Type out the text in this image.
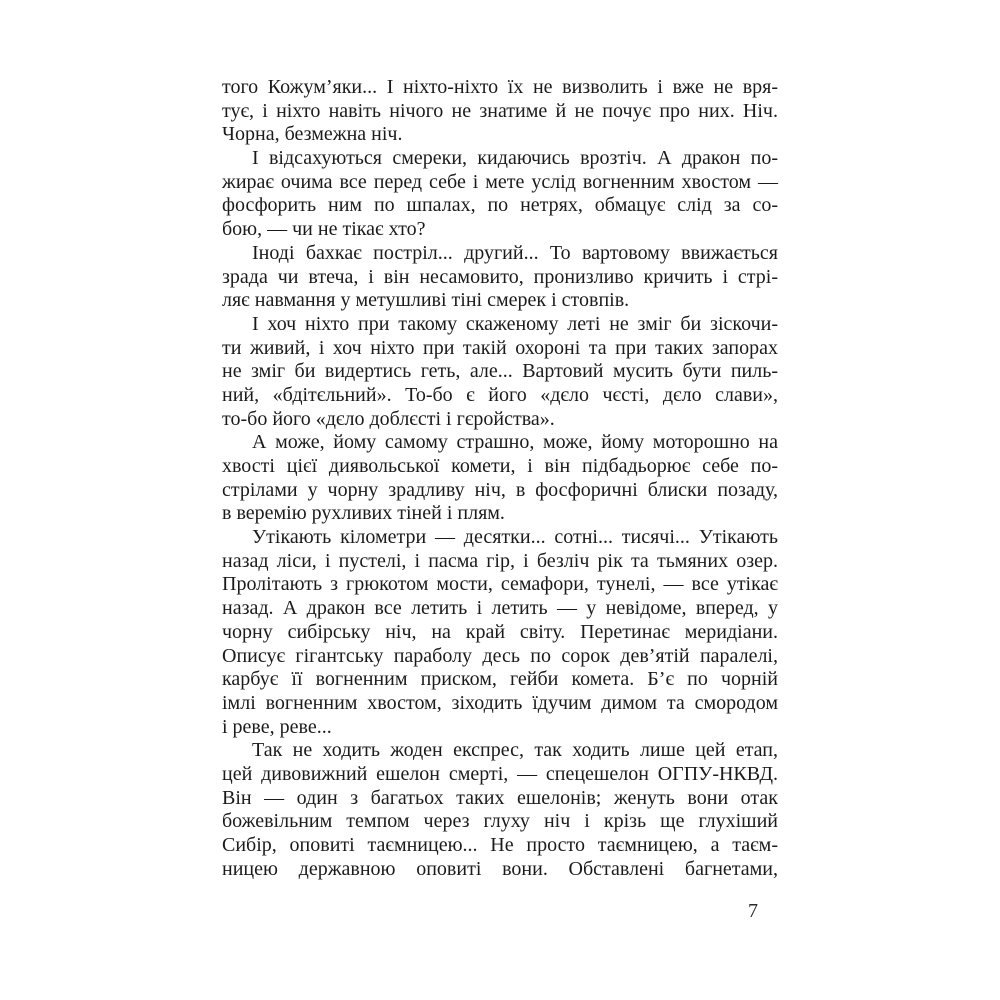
того Кожум’яки... І ніхто-ніхто їх не визволить і вже не вря-
тує, і ніхто навіть нічого не знатиме й не почує про них. Ніч.
Чорна, безмежна ніч.
І відсахуються смереки, кидаючись врозтіч. А дракон по-
жирає очима все перед себе і мете услід вогненним хвостом —
фосфорить ним по шпалах, по нетрях, обмацує слід за со-
бою, — чи не тікає хто?
Іноді бахкає постріл... другий... То вартовому ввижається
зрада чи втеча, і він несамовито, пронизливо кричить і стрі-
ляє навмання у метушливі тіні смерек і стовпів.
І хоч ніхто при такому скаженому леті не зміг би зіскочи-
ти живий, і хоч ніхто при такій охороні та при таких запорах
не зміг би видертись геть, але... Вартовий мусить бути пиль-
ний, «бдітєльний». То-бо є його «дєло чєсті, дєло слави»,
то-бо його «дєло доблєсті і гєройства».
А може, йому самому страшно, може, йому моторошно на
хвості цієї диявольської комети, і він підбадьорює себе по-
стрілами у чорну зрадливу ніч, в фосфоричні блиски позаду,
в веремію рухливих тіней і плям.
Утікають кілометри — десятки... сотні... тисячі... Утікають
назад ліси, і пустелі, і пасма гір, і безліч рік та тьмяних озер.
Пролітають з грюкотом мости, семафори, тунелі, — все утікає
назад. А дракон все летить і летить — у невідоме, вперед, у
чорну сибірську ніч, на край світу. Перетинає меридіани.
Описує гігантську параболу десь по сорок дев’ятій паралелі,
карбує її вогненним приском, гейби комета. Б’є по чорній
імлі вогненним хвостом, зіходить їдучим димом та смородом
і реве, реве...
Так не ходить жоден експрес, так ходить лише цей етап,
цей дивовижний ешелон смерті, — спецешелон ОГПУ-НКВД.
Він — один з багатьох таких ешелонів; женуть вони отак
божевільним темпом через глуху ніч і крізь ще глухіший
Сибір, оповиті таємницею... Не просто таємницею, а таєм-
ницею державною оповиті вони. Обставлені багнетами,
7
